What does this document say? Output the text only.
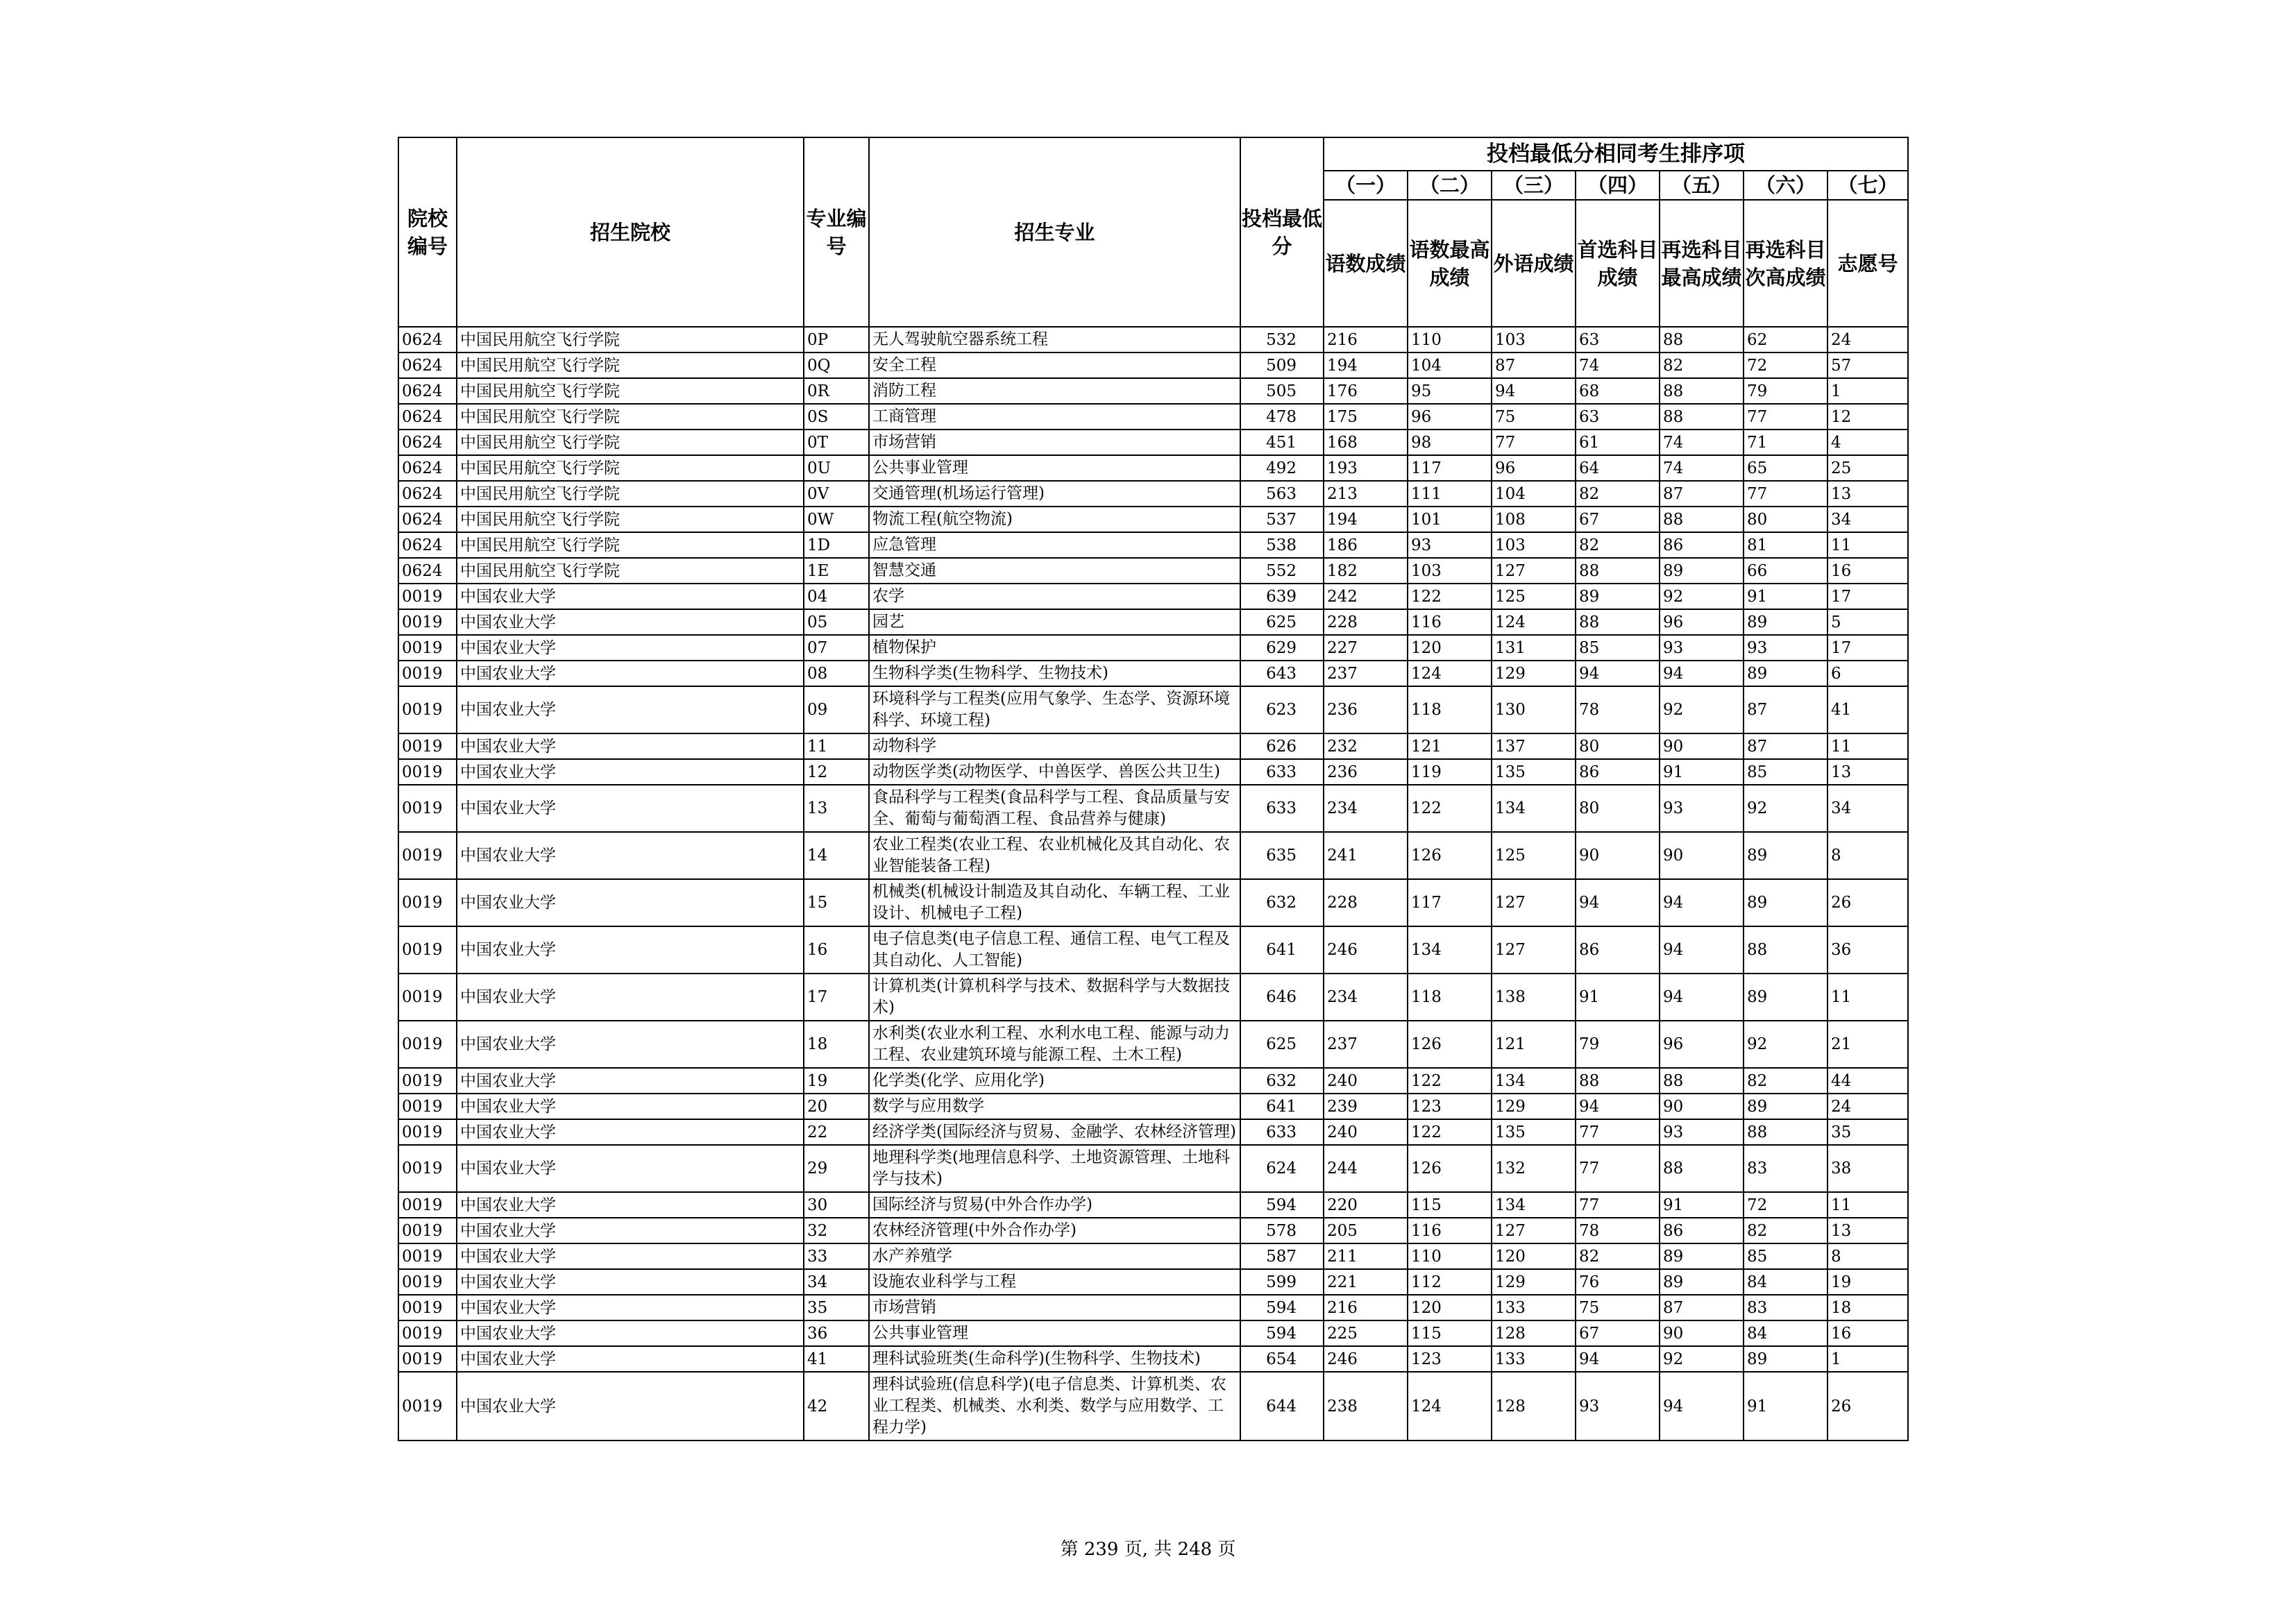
院校编号	招生院校	专业编号	招生专业	投档最低分	投档最低分相同考生排序项						
					（一）	（二）	（三）	（四）	（五）	（六）	（七）
					语数成绩	语数最高成绩	外语成绩	首选科目成绩	再选科目最高成绩	再选科目次高成绩	志愿号
0624	中国民用航空飞行学院	0P	无人驾驶航空器系统工程	532	216	110	103	63	88	62	24
0624	中国民用航空飞行学院	0Q	安全工程	509	194	104	87	74	82	72	57
0624	中国民用航空飞行学院	0R	消防工程	505	176	95	94	68	88	79	1
0624	中国民用航空飞行学院	0S	工商管理	478	175	96	75	63	88	77	12
0624	中国民用航空飞行学院	0T	市场营销	451	168	98	77	61	74	71	4
0624	中国民用航空飞行学院	0U	公共事业管理	492	193	117	96	64	74	65	25
0624	中国民用航空飞行学院	0V	交通管理(机场运行管理)	563	213	111	104	82	87	77	13
0624	中国民用航空飞行学院	0W	物流工程(航空物流)	537	194	101	108	67	88	80	34
0624	中国民用航空飞行学院	1D	应急管理	538	186	93	103	82	86	81	11
0624	中国民用航空飞行学院	1E	智慧交通	552	182	103	127	88	89	66	16
0019	中国农业大学	04	农学	639	242	122	125	89	92	91	17
0019	中国农业大学	05	园艺	625	228	116	124	88	96	89	5
0019	中国农业大学	07	植物保护	629	227	120	131	85	93	93	17
0019	中国农业大学	08	生物科学类(生物科学、生物技术)	643	237	124	129	94	94	89	6
0019	中国农业大学	09	环境科学与工程类(应用气象学、生态学、资源环境科学、环境工程)	623	236	118	130	78	92	87	41
0019	中国农业大学	11	动物科学	626	232	121	137	80	90	87	11
0019	中国农业大学	12	动物医学类(动物医学、中兽医学、兽医公共卫生)	633	236	119	135	86	91	85	13
0019	中国农业大学	13	食品科学与工程类(食品科学与工程、食品质量与安全、葡萄与葡萄酒工程、食品营养与健康)	633	234	122	134	80	93	92	34
0019	中国农业大学	14	农业工程类(农业工程、农业机械化及其自动化、农业智能装备工程)	635	241	126	125	90	90	89	8
0019	中国农业大学	15	机械类(机械设计制造及其自动化、车辆工程、工业设计、机械电子工程)	632	228	117	127	94	94	89	26
0019	中国农业大学	16	电子信息类(电子信息工程、通信工程、电气工程及其自动化、人工智能)	641	246	134	127	86	94	88	36
0019	中国农业大学	17	计算机类(计算机科学与技术、数据科学与大数据技术)	646	234	118	138	91	94	89	11
0019	中国农业大学	18	水利类(农业水利工程、水利水电工程、能源与动力工程、农业建筑环境与能源工程、土木工程)	625	237	126	121	79	96	92	21
0019	中国农业大学	19	化学类(化学、应用化学)	632	240	122	134	88	88	82	44
0019	中国农业大学	20	数学与应用数学	641	239	123	129	94	90	89	24
0019	中国农业大学	22	经济学类(国际经济与贸易、金融学、农林经济管理)	633	240	122	135	77	93	88	35
0019	中国农业大学	29	地理科学类(地理信息科学、土地资源管理、土地科学与技术)	624	244	126	132	77	88	83	38
0019	中国农业大学	30	国际经济与贸易(中外合作办学)	594	220	115	134	77	91	72	11
0019	中国农业大学	32	农林经济管理(中外合作办学)	578	205	116	127	78	86	82	13
0019	中国农业大学	33	水产养殖学	587	211	110	120	82	89	85	8
0019	中国农业大学	34	设施农业科学与工程	599	221	112	129	76	89	84	19
0019	中国农业大学	35	市场营销	594	216	120	133	75	87	83	18
0019	中国农业大学	36	公共事业管理	594	225	115	128	67	90	84	16
0019	中国农业大学	41	理科试验班类(生命科学)(生物科学、生物技术)	654	246	123	133	94	92	89	1
0019	中国农业大学	42	理科试验班(信息科学)(电子信息类、计算机类、农业工程类、机械类、水利类、数学与应用数学、工程力学)	644	238	124	128	93	94	91	26
第 239 页, 共 248 页
